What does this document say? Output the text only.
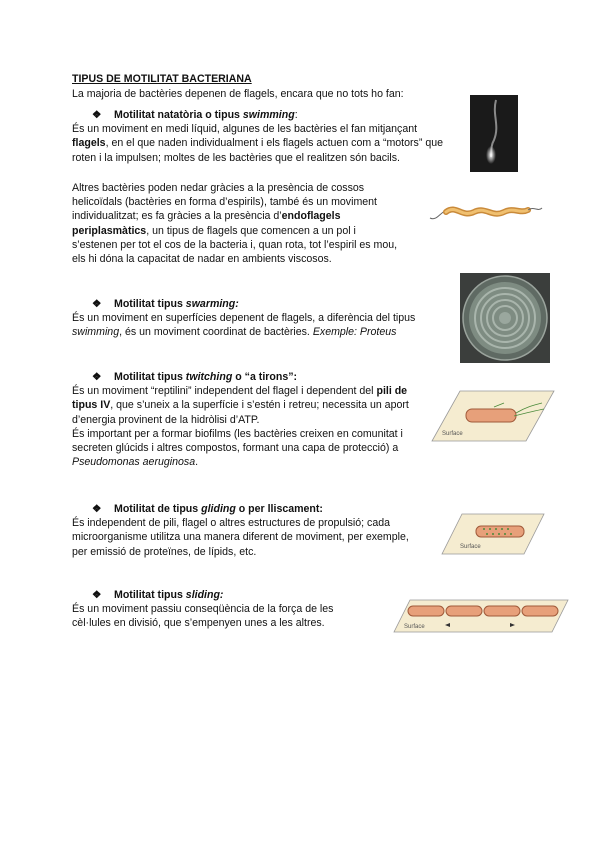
TIPUS DE MOTILITAT BACTERIANA
La majoria de bactèries depenen de flagels, encara que no tots ho fan:
❖ Motilitat natatòria o tipus swimming:
És un moviment en medi líquid, algunes de les bactèries el fan mitjançant
flagels, en el que naden individualment i els flagels actuen com a “motors” que
roten i la impulsen; moltes de les bactèries que el realitzen són bacils.
Altres bactèries poden nedar gràcies a la presència de cossos
helicoïdals (bactèries en forma d’espirils), també és un moviment
individualitzat; es fa gràcies a la presència d’endoflagels
periplasmàtics, un tipus de flagels que comencen a un pol i
s’estenen per tot el cos de la bacteria i, quan rota, tot l’espiril es mou,
els hi dóna la capacitat de nadar en ambients viscosos.
❖ Motilitat tipus swarming:
És un moviment en superfícies depenent de flagels, a diferència del tipus
swimming, és un moviment coordinat de bactèries. Exemple: Proteus
❖ Motilitat tipus twitching o “a tirons”:
És un moviment “reptilini” independent del flagel i dependent del pili de
tipus IV, que s’uneix a la superfície i s’estén i retreu; necessita un aport
d’energia provinent de la hidròlisi d’ATP.
És important per a formar biofilms (les bactèries creixen en comunitat i
secreten glúcids i altres compostos, formant una capa de protecció) a
Pseudomonas aeruginosa.
❖ Motilitat de tipus gliding o per lliscament:
És independent de pili, flagel o altres estructures de propulsió; cada
microorganisme utilitza una manera diferent de moviment, per exemple,
per emissió de proteïnes, de lípids, etc.
❖ Motilitat tipus sliding:
És un moviment passiu conseqüència de la força de les
cèl·lules en divisió, que s’empenyen unes a les altres.
Surface
Surface
Surface
